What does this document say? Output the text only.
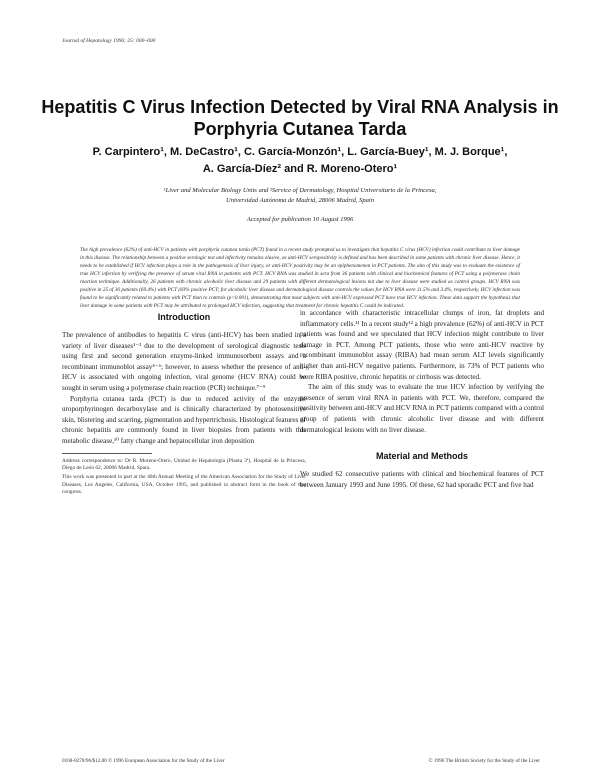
Journal of Hepatology 1996; 25: 000–000
Hepatitis C Virus Infection Detected by Viral RNA Analysis in
Porphyria Cutanea Tarda
P. Carpintero¹, M. DeCastro¹, C. García-Monzón¹, L. García-Buey¹, M. J. Borque¹,
A. García-Díez² and R. Moreno-Otero¹
¹Liver and Molecular Biology Units and ²Service of Dermatology, Hospital Universitario de la Princesa,
Universidad Autónoma de Madrid, 28006 Madrid, Spain
Accepted for publication 10 August 1996
The high prevalence (62%) of anti-HCV in patients with porphyria cutanea tarda (PCT) found in a recent study prompted us to investigate that hepatitis C virus (HCV) infection could contribute to liver damage in this disease. The relationship between a positive serologic test and infectivity remains elusive, as anti-HCV seropositivity is defined and has been described in some patients with chronic liver disease. Hence, it needs to be established if HCV infection plays a role in the pathogenesis of liver injury, or anti-HCV positivity may be an epiphenomenon in PCT patients. The aim of this study was to evaluate the existence of true HCV infection by verifying the presence of serum viral RNA in patients with PCT. HCV RNA was studied in sera from 36 patients with clinical and biochemical features of PCT using a polymerase chain reaction technique. Additionally, 26 patients with chronic alcoholic liver disease and 29 patients with different dermatological lesions not due to liver disease were studied as control groups. HCV RNA was positive in 25 of 36 patients (69.4%) with PCT (83% positive PCT; for alcoholic liver disease and dermatological disease controls the values for HCV RNA were 11.5% and 3.4%, respectively. HCV infection was found to be significantly related to patients with PCT than to controls (p<0.001), demonstrating that most subjects with anti-HCV expressed PCT have true HCV infection. These data support the hypothesis that liver damage in some patients with PCT may be attributed to prolonged HCV infection, suggesting that treatment for chronic hepatitis C could be indicated.
Introduction

The prevalence of antibodies to hepatitis C virus (anti-HCV) has been studied in a variety of liver diseases¹⁻³ due to the development of serological diagnostic tests using first and second generation enzyme-linked immunosorbent assays and a recombinant immunoblot assay⁴⁻⁶; however, to assess whether the presence of anti-HCV is associated with ongoing infection, viral genome (HCV RNA) could be sought in serum using a polymerase chain reaction (PCR) technique.⁷⁻⁹

Porphyria cutanea tarda (PCT) is due to reduced activity of the enzyme uroporphyrinogen decarboxylase and is clinically characterized by photosensitive skin, blistering and scarring, pigmentation and hypertrichosis. Histological features of chronic hepatitis are commonly found in liver biopsies from patients with this metabolic disease,¹⁰ fatty change and hepatocellular iron deposition

Address correspondence to: Dr R. Moreno-Otero, Unidad de Hepatología (Planta 3ª), Hospital de la Princesa, Diego de León 62, 28006 Madrid, Spain.

This work was presented in part at the 46th Annual Meeting of the American Association for the Study of Liver Diseases, Los Angeles, California, USA, October 1995, and published in abstract form in the book of that congress.

in accordance with characteristic intracellular clumps of iron, fat droplets and inflammatory cells.¹¹ In a recent study¹² a high prevalence (62%) of anti-HCV in PCT patients was found and we speculated that HCV infection might contribute to liver damage in PCT. Among PCT patients, those who were anti-HCV reactive by recombinant immunoblot assay (RIBA) had mean serum ALT levels significantly higher than anti-HCV negative patients. Furthermore, in 73% of PCT patients who were RIBA positive, chronic hepatitis or cirrhosis was detected.

The aim of this study was to evaluate the true HCV infection by verifying the presence of serum viral RNA in patients with PCT. We, therefore, compared the positivity between anti-HCV and HCV RNA in PCT patients compared with a control group of patients with chronic alcoholic liver disease and with different dermatological lesions with no liver disease.

Material and Methods

We studied 62 consecutive patients with clinical and biochemical features of PCT between January 1993 and June 1995. Of these, 62 had sporadic PCT and five had

0168-8278/96/$12.00 © 1996 European Association for the Study of the Liver	© 1996 The British Society for the Study of the Liver
